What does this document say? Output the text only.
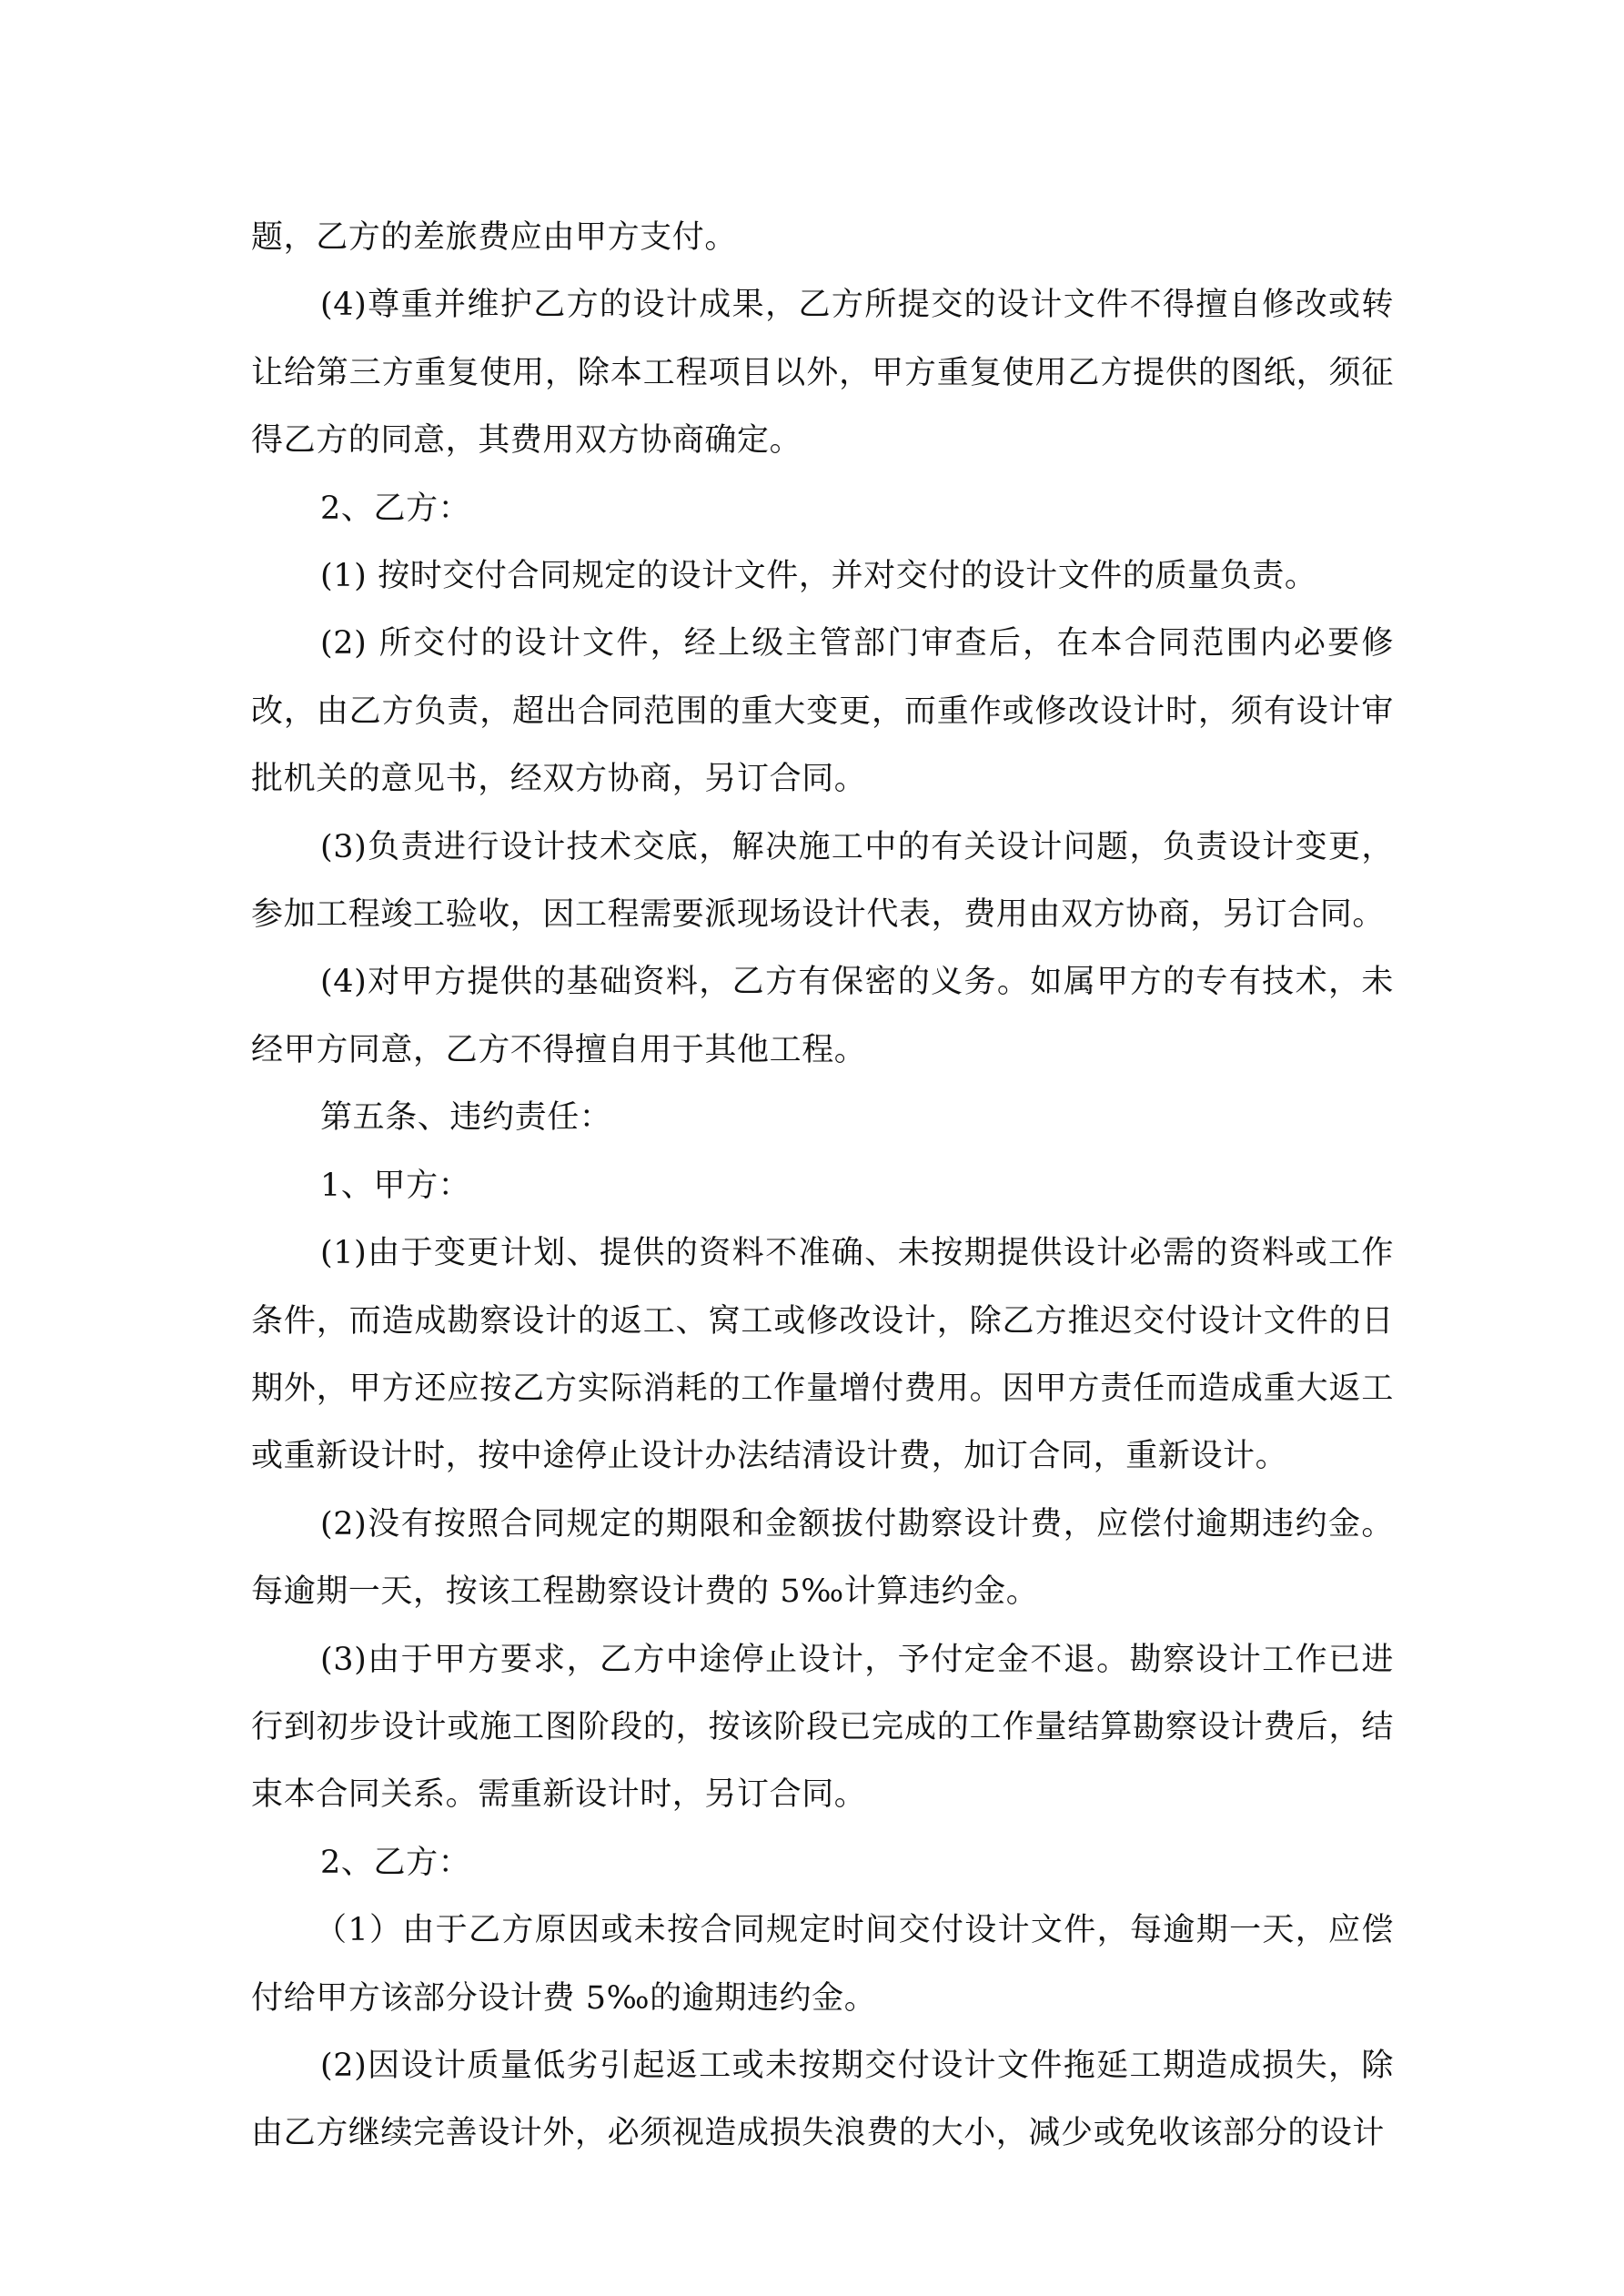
题，乙方的差旅费应由甲方支付。

(4)尊重并维护乙方的设计成果，乙方所提交的设计文件不得擅自修改或转让给第三方重复使用，除本工程项目以外，甲方重复使用乙方提供的图纸，须征得乙方的同意，其费用双方协商确定。

2、乙方：

(1) 按时交付合同规定的设计文件，并对交付的设计文件的质量负责。

(2) 所交付的设计文件，经上级主管部门审查后，在本合同范围内必要修改，由乙方负责，超出合同范围的重大变更，而重作或修改设计时，须有设计审批机关的意见书，经双方协商，另订合同。

(3)负责进行设计技术交底，解决施工中的有关设计问题，负责设计变更，参加工程竣工验收，因工程需要派现场设计代表，费用由双方协商，另订合同。

(4)对甲方提供的基础资料，乙方有保密的义务。如属甲方的专有技术，未经甲方同意，乙方不得擅自用于其他工程。

第五条、违约责任：

1、甲方：

(1)由于变更计划、提供的资料不准确、未按期提供设计必需的资料或工作条件，而造成勘察设计的返工、窝工或修改设计，除乙方推迟交付设计文件的日期外，甲方还应按乙方实际消耗的工作量增付费用。因甲方责任而造成重大返工或重新设计时，按中途停止设计办法结清设计费，加订合同，重新设计。

(2)没有按照合同规定的期限和金额拔付勘察设计费，应偿付逾期违约金。每逾期一天，按该工程勘察设计费的 5‰计算违约金。

(3)由于甲方要求，乙方中途停止设计，予付定金不退。勘察设计工作已进行到初步设计或施工图阶段的，按该阶段已完成的工作量结算勘察设计费后，结束本合同关系。需重新设计时，另订合同。

2、乙方：

（1）由于乙方原因或未按合同规定时间交付设计文件，每逾期一天，应偿付给甲方该部分设计费 5‰的逾期违约金。

(2)因设计质量低劣引起返工或未按期交付设计文件拖延工期造成损失，除由乙方继续完善设计外，必须视造成损失浪费的大小，减少或免收该部分的设计
